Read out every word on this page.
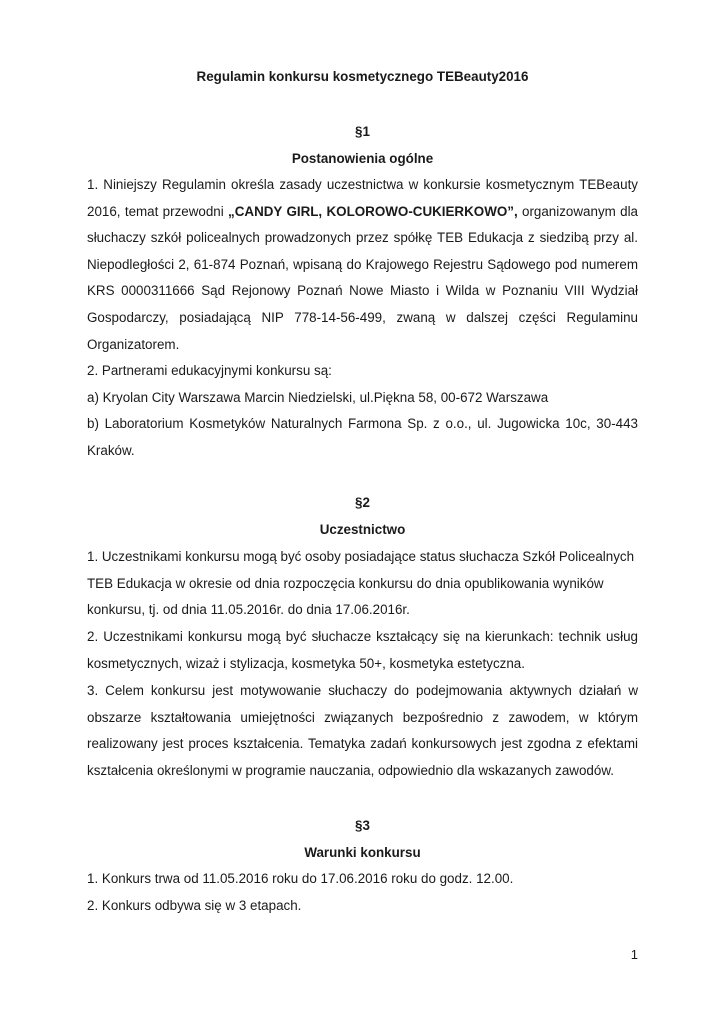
Regulamin konkursu kosmetycznego TEBeauty2016
§1
Postanowienia ogólne
1. Niniejszy Regulamin określa zasady uczestnictwa w konkursie kosmetycznym TEBeauty 2016, temat przewodni „CANDY GIRL, KOLOROWO-CUKIERKOWO”, organizowanym dla słuchaczy szkół policealnych prowadzonych przez spółkę TEB Edukacja z siedzibą przy al. Niepodległości 2, 61-874 Poznań, wpisaną do Krajowego Rejestru Sądowego pod numerem KRS 0000311666 Sąd Rejonowy Poznań Nowe Miasto i Wilda w Poznaniu VIII Wydział Gospodarczy, posiadającą NIP 778-14-56-499, zwaną w dalszej części Regulaminu Organizatorem.
2. Partnerami edukacyjnymi konkursu są:
a) Kryolan City Warszawa Marcin Niedzielski, ul.Piękna 58, 00-672 Warszawa
b) Laboratorium Kosmetyków Naturalnych Farmona Sp. z o.o., ul. Jugowicka 10c, 30-443 Kraków.
§2
Uczestnictwo
1. Uczestnikami konkursu mogą być osoby posiadające status słuchacza Szkół Policealnych TEB Edukacja w okresie od dnia rozpoczęcia konkursu do dnia opublikowania wyników konkursu, tj. od dnia 11.05.2016r. do dnia 17.06.2016r.
2. Uczestnikami konkursu mogą być słuchacze kształcący się na kierunkach: technik usług kosmetycznych, wizaż i stylizacja, kosmetyka 50+, kosmetyka estetyczna.
3. Celem konkursu jest motywowanie słuchaczy do podejmowania aktywnych działań w obszarze kształtowania umiejętności związanych bezpośrednio z zawodem, w którym realizowany jest proces kształcenia. Tematyka zadań konkursowych jest zgodna z efektami kształcenia określonymi w programie nauczania, odpowiednio dla wskazanych zawodów.
§3
Warunki konkursu
1. Konkurs trwa od 11.05.2016 roku do 17.06.2016 roku do godz. 12.00.
2. Konkurs odbywa się w 3 etapach.
1
